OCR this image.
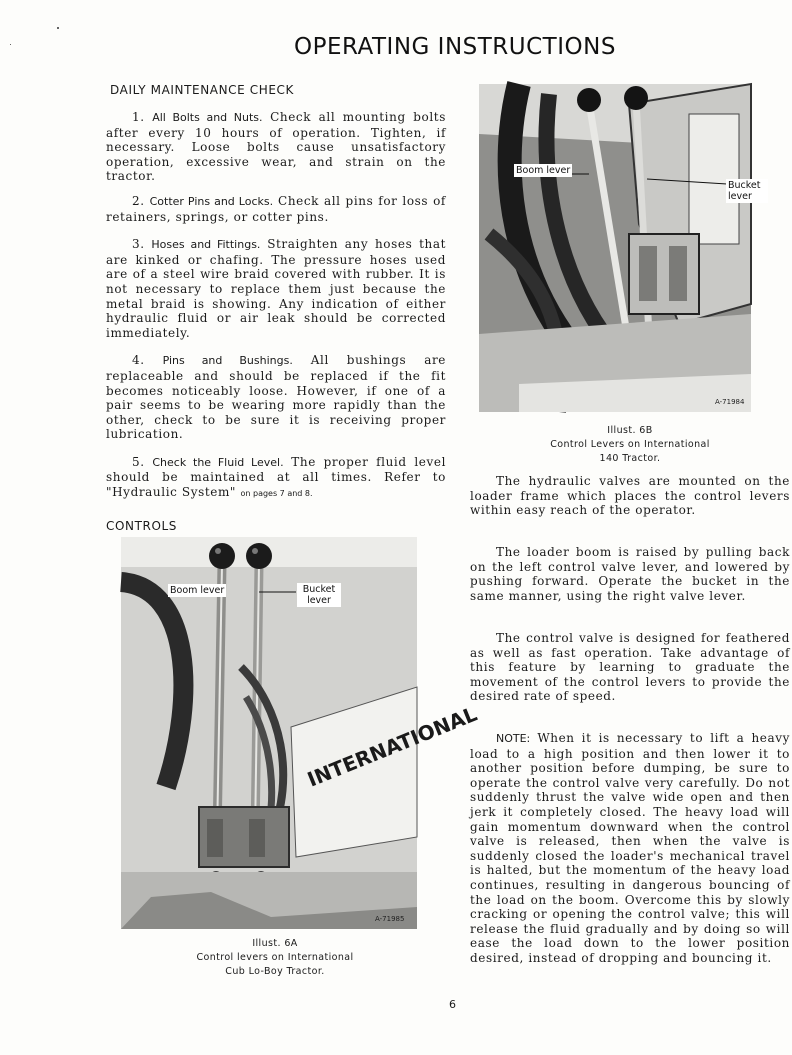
OPERATING INSTRUCTIONS
DAILY MAINTENANCE CHECK

1. All Bolts and Nuts. Check all mounting bolts after every 10 hours of operation. Tighten, if necessary. Loose bolts cause unsatisfactory operation, excessive wear, and strain on the tractor.

2. Cotter Pins and Locks. Check all pins for loss of retainers, springs, or cotter pins.

3. Hoses and Fittings. Straighten any hoses that are kinked or chafing. The pressure hoses used are of a steel wire braid covered with rubber. It is not necessary to replace them just because the metal braid is showing. Any indication of either hydraulic fluid or air leak should be corrected immediately.

4. Pins and Bushings. All bushings are replaceable and should be replaced if the fit becomes noticeably loose. However, if one of a pair seems to be wearing more rapidly than the other, check to be sure it is receiving proper lubrication.

5. Check the Fluid Level. The proper fluid level should be maintained at all times. Refer to "Hydraulic System" on pages 7 and 8.

CONTROLS
INTERNATIONAL
Boom lever	Bucket lever
A-71985
Illust. 6A
Control levers on International
Cub Lo-Boy Tractor.
Boom lever
Bucket lever
A-71984
Illust. 6B
Control Levers on International
140 Tractor.

The hydraulic valves are mounted on the loader frame which places the control levers within easy reach of the operator.

The loader boom is raised by pulling back on the left control valve lever, and lowered by pushing forward. Operate the bucket in the same manner, using the right valve lever.

The control valve is designed for feathered as well as fast operation. Take advantage of this feature by learning to graduate the movement of the control levers to provide the desired rate of speed.

NOTE: When it is necessary to lift a heavy load to a high position and then lower it to another position before dumping, be sure to operate the control valve very carefully. Do not suddenly thrust the valve wide open and then jerk it completely closed. The heavy load will gain momentum downward when the control valve is released, then when the valve is suddenly closed the loader's mechanical travel is halted, but the momentum of the heavy load continues, resulting in dangerous bouncing of the load on the boom. Overcome this by slowly cracking or opening the control valve; this will release the fluid gradually and by doing so will ease the load down to the lower position desired, instead of dropping and bouncing it.

6
